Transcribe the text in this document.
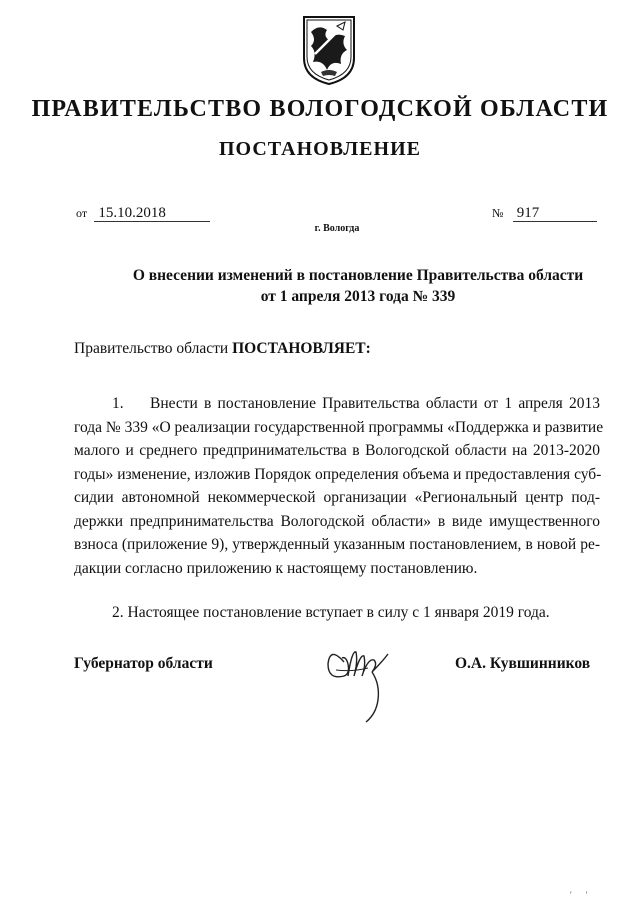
ПРАВИТЕЛЬСТВО ВОЛОГОДСКОЙ ОБЛАСТИ
ПОСТАНОВЛЕНИЕ
от 15.10.2018	№ 917
г. Вологда
О внесении изменений в постановление Правительства области
от 1 апреля 2013 года № 339
Правительство области ПОСТАНОВЛЯЕТ:
1. Внести в постановление Правительства области от 1 апреля 2013
года № 339 «О реализации государственной программы «Поддержка и развитие
малого и среднего предпринимательства в Вологодской области на 2013-2020
годы» изменение, изложив Порядок определения объема и предоставления суб-
сидии автономной некоммерческой организации «Региональный центр под-
держки предпринимательства Вологодской области» в виде имущественного
взноса (приложение 9), утвержденный указанным постановлением, в новой ре-
дакции согласно приложению к настоящему постановлению.
2. Настоящее постановление вступает в силу с 1 января 2019 года.
Губернатор области	О.А. Кувшинников
' '
